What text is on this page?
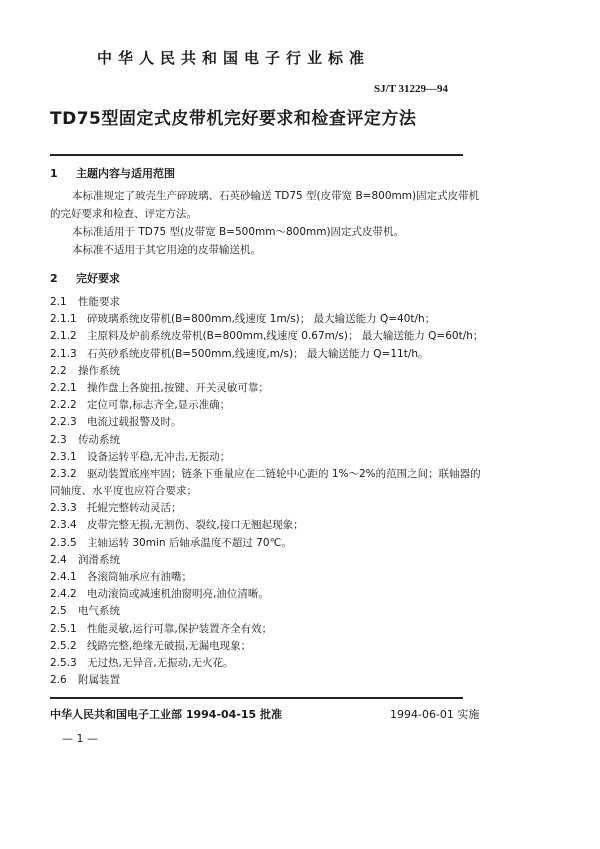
中华人民共和国电子行业标准
SJ/T 31229—94
TD75型固定式皮带机完好要求和检查评定方法
1 主题内容与适用范围
本标准规定了玻壳生产碎玻璃、石英砂输送 TD75 型(皮带宽 B=800mm)固定式皮带机
的完好要求和检查、评定方法。
本标准适用于 TD75 型(皮带宽 B=500mm～800mm)固定式皮带机。
本标准不适用于其它用途的皮带输送机。
2 完好要求
2.1 性能要求
2.1.1 碎玻璃系统皮带机(B=800mm,线速度 1m/s)； 最大输送能力 Q=40t/h；
2.1.2 主原料及炉前系统皮带机(B=800mm,线速度 0.67m/s)； 最大输送能力 Q=60t/h；
2.1.3 石英砂系统皮带机(B=500mm,线速度,m/s)； 最大输送能力 Q=11t/h。
2.2 操作系统
2.2.1 操作盘上各旋扭,按键、开关灵敏可靠；
2.2.2 定位可靠,标志齐全,显示准确；
2.2.3 电流过载报警及时。
2.3 传动系统
2.3.1 设备运转平稳,无冲击,无振动；
2.3.2 驱动装置底座牢固；链条下垂量应在二链轮中心距的 1%～2%的范围之间；联轴器的
同轴度、水平度也应符合要求；
2.3.3 托辊完整转动灵活；
2.3.4 皮带完整无损,无割伤、裂纹,接口无翘起现象；
2.3.5 主轴运转 30min 后轴承温度不超过 70℃。
2.4 润滑系统
2.4.1 各滚筒轴承应有油嘴；
2.4.2 电动滚筒或减速机油窗明亮,油位清晰。
2.5 电气系统
2.5.1 性能灵敏,运行可靠,保护装置齐全有效；
2.5.2 线路完整,绝缘无破损,无漏电现象；
2.5.3 无过热,无异音,无振动,无火花。
2.6 附属装置
中华人民共和国电子工业部 1994-04-15 批准	1994-06-01 实施
— 1 —
